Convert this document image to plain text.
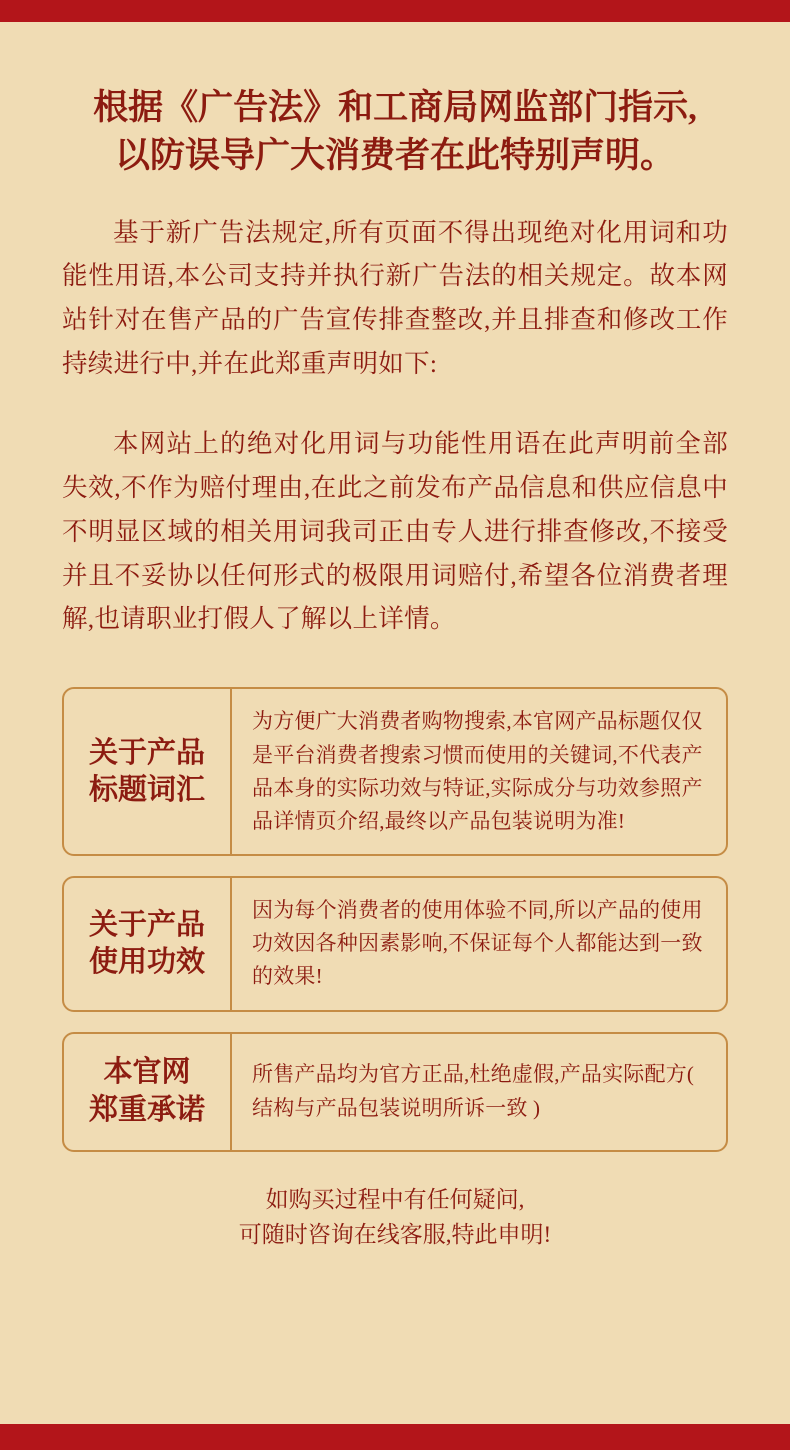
根据《广告法》和工商局网监部门指示,
以防误导广大消费者在此特别声明。
基于新广告法规定,所有页面不得出现绝对化用词和功能性用语,本公司支持并执行新广告法的相关规定。故本网站针对在售产品的广告宣传排查整改,并且排查和修改工作持续进行中,并在此郑重声明如下:
本网站上的绝对化用词与功能性用语在此声明前全部失效,不作为赔付理由,在此之前发布产品信息和供应信息中不明显区域的相关用词我司正由专人进行排查修改,不接受并且不妥协以任何形式的极限用词赔付,希望各位消费者理解,也请职业打假人了解以上详情。
关于产品
标题词汇
为方便广大消费者购物搜索,本官网产品标题仅仅是平台消费者搜索习惯而使用的关键词,不代表产品本身的实际功效与特证,实际成分与功效参照产品详情页介绍,最终以产品包装说明为准!
关于产品
使用功效
因为每个消费者的使用体验不同,所以产品的使用功效因各种因素影响,不保证每个人都能达到一致的效果!
本官网
郑重承诺
所售产品均为官方正品,杜绝虚假,产品实际配方( 结构与产品包装说明所诉一致 )
如购买过程中有任何疑问,
可随时咨询在线客服,特此申明!
